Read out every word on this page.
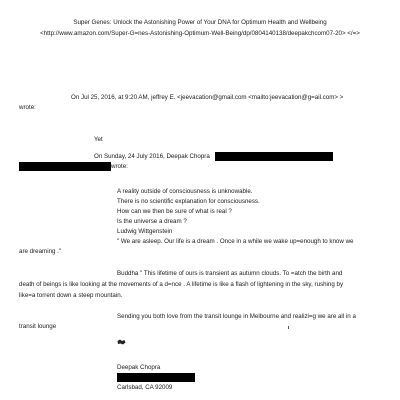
Super Genes: Unlock the Astonishing Power of Your DNA for Optimum Health and Wellbeing
<http://www.amazon.com/Super-G=nes-Astonishing-Optimum-Well-Being/dp/0804140138/deepakchcom07-20> </=>
On Jul 25, 2016, at 9:20 AM, jeffrey E. <jeevacation@gmail.com <mailto:jeevacation@g=ail.com> >
wrote:
Yet
On Sunday, 24 July 2016, Deepak Chopra
wrote:
A reality outside of consciousness is unknowable.
There is no scientific explanation for consciousness.
How can we then be sure of what is real ?
Is the universe a dream ?
Ludwig Wittgenstein
" We are asleep. Our life is a dream . Once in a while we wake up=enough to know we
are dreaming ."
Buddha " This lifetime of ours is transient as autumn clouds. To =atch the birth and
death of beings is like looking at the movements of a d=nce . A lifetime is like a flash of lightening in the sky, rushing by
like=a torrent down a steep mountain.
Sending you both love from the transit lounge in Melbourne and realizi=g we are all in a
transit lounge
Deepak Chopra
Carlsbad, CA 92009
